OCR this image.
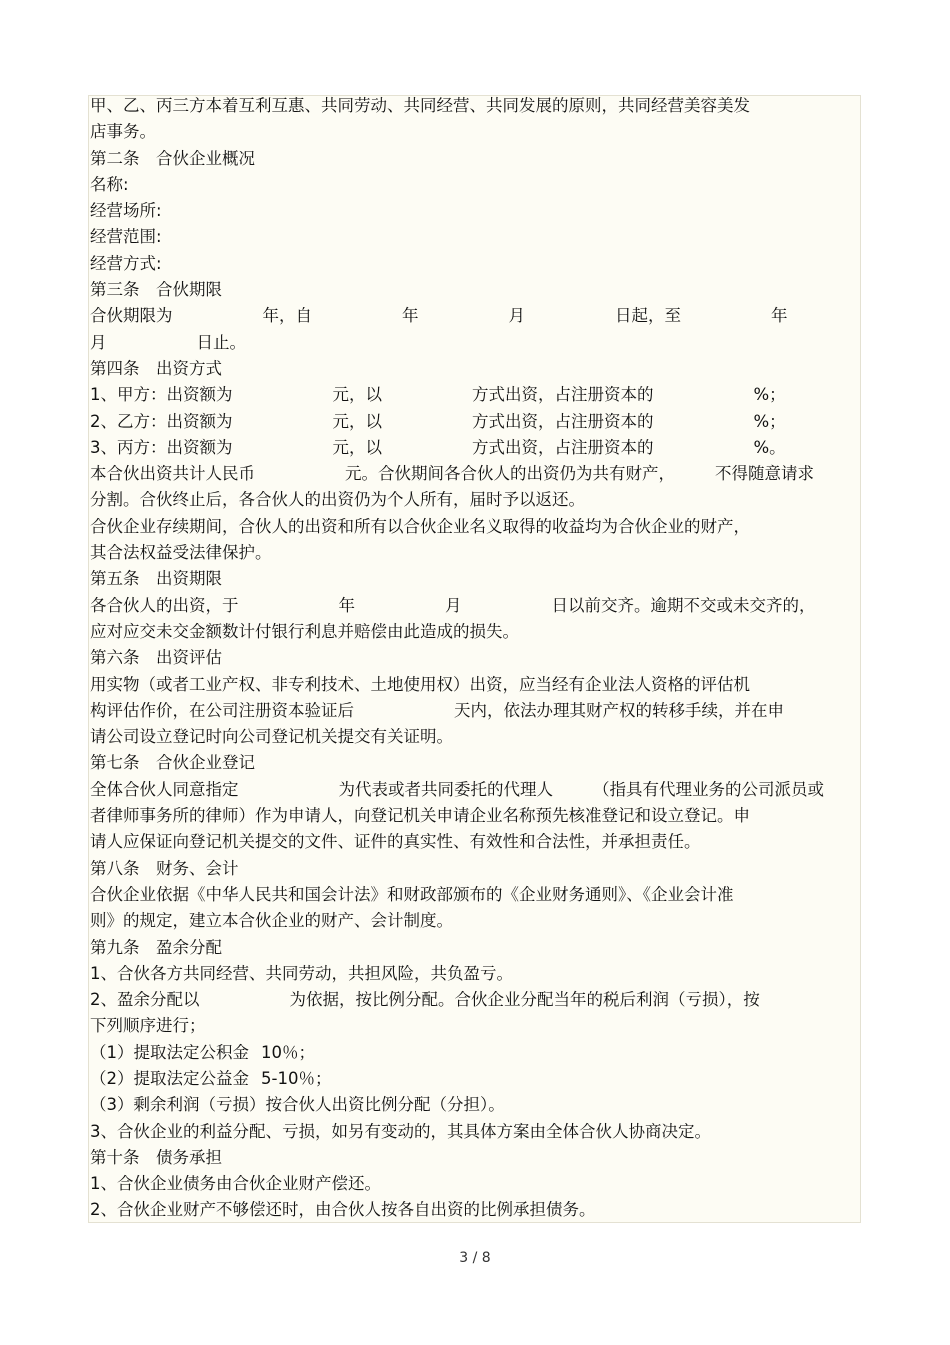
甲、乙、丙三方本着互利互惠、共同劳动、共同经营、共同发展的原则，共同经营美容美发
店事务。
第二条　合伙企业概况
名称:
经营场所:
经营范围:
经营方式:
第三条　合伙期限
合伙期限为	年，自	年	月	日起，至	年
月	日止。
第四条　出资方式
1、甲方：出资额为	元，以	方式出资，占注册资本的	%；
2、乙方：出资额为	元，以	方式出资，占注册资本的	%；
3、丙方：出资额为	元，以	方式出资，占注册资本的	%。
本合伙出资共计人民币	元。合伙期间各合伙人的出资仍为共有财产， 不得随意请求
分割。合伙终止后，各合伙人的出资仍为个人所有，届时予以返还。
合伙企业存续期间，合伙人的出资和所有以合伙企业名义取得的收益均为合伙企业的财产，
其合法权益受法律保护。
第五条　出资期限
各合伙人的出资，于	年	月	日以前交齐。逾期不交或未交齐的，
应对应交未交金额数计付银行利息并赔偿由此造成的损失。
第六条　出资评估
用实物（或者工业产权、非专利技术、土地使用权）出资，应当经有企业法人资格的评估机
构评估作价，在公司注册资本验证后	天内，依法办理其财产权的转移手续，并在申
请公司设立登记时向公司登记机关提交有关证明。
第七条　合伙企业登记
全体合伙人同意指定	为代表或者共同委托的代理人 （指具有代理业务的公司派员或
者律师事务所的律师）作为申请人，向登记机关申请企业名称预先核准登记和设立登记。申
请人应保证向登记机关提交的文件、证件的真实性、有效性和合法性，并承担责任。
第八条　财务、会计
合伙企业依据《中华人民共和国会计法》和财政部颁布的《企业财务通则》、《企业会计准
则》的规定，建立本合伙企业的财产、会计制度。
第九条　盈余分配
1、合伙各方共同经营、共同劳动，共担风险，共负盈亏。
2、盈余分配以	为依据，按比例分配。合伙企业分配当年的税后利润（亏损），按
下列顺序进行；
（1）提取法定公积金 10％；
（2）提取法定公益金 5-10％；
（3）剩余利润（亏损）按合伙人出资比例分配（分担）。
3、合伙企业的利益分配、亏损，如另有变动的，其具体方案由全体合伙人协商决定。
第十条　债务承担
1、合伙企业债务由合伙企业财产偿还。
2、合伙企业财产不够偿还时，由合伙人按各自出资的比例承担债务。
3 / 8
